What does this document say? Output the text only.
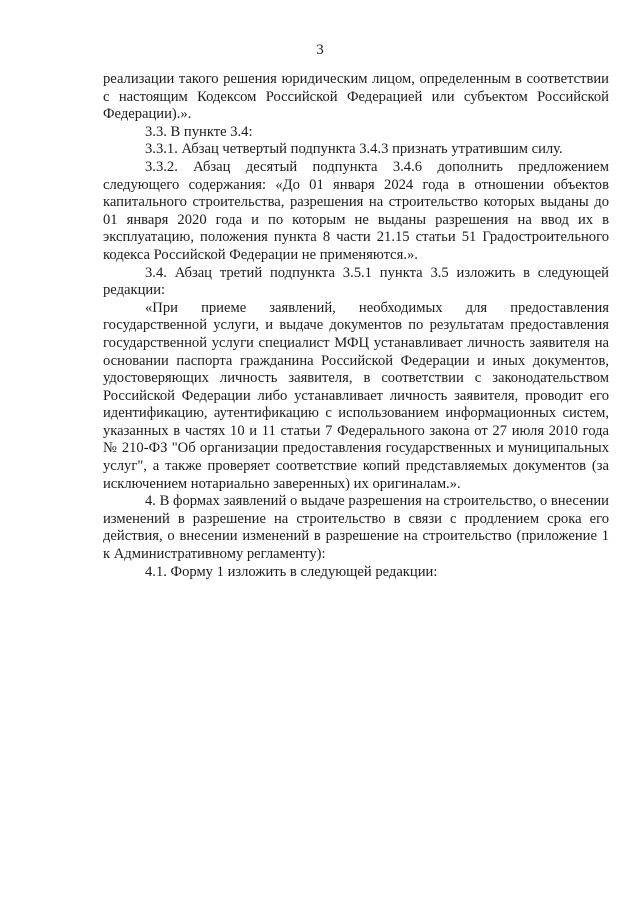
3

реализации такого решения юридическим лицом, определенным в соответствии с настоящим Кодексом Российской Федерацией или субъектом Российской Федерации).».

3.3. В пункте 3.4:

3.3.1. Абзац четвертый подпункта 3.4.3 признать утратившим силу.

3.3.2. Абзац десятый подпункта 3.4.6 дополнить предложением следующего содержания: «До 01 января 2024 года в отношении объектов капитального строительства, разрешения на строительство которых выданы до 01 января 2020 года и по которым не выданы разрешения на ввод их в эксплуатацию, положения пункта 8 части 21.15 статьи 51 Градостроительного кодекса Российской Федерации не применяются.».

3.4. Абзац третий подпункта 3.5.1 пункта 3.5 изложить в следующей редакции:

«При приеме заявлений, необходимых для предоставления государственной услуги, и выдаче документов по результатам предоставления государственной услуги специалист МФЦ устанавливает личность заявителя на основании паспорта гражданина Российской Федерации и иных документов, удостоверяющих личность заявителя, в соответствии с законодательством Российской Федерации либо устанавливает личность заявителя, проводит его идентификацию, аутентификацию с использованием информационных систем, указанных в частях 10 и 11 статьи 7 Федерального закона от 27 июля 2010 года № 210-ФЗ "Об организации предоставления государственных и муниципальных услуг", а также проверяет соответствие копий представляемых документов (за исключением нотариально заверенных) их оригиналам.».

4. В формах заявлений о выдаче разрешения на строительство, о внесении изменений в разрешение на строительство в связи с продлением срока его действия, о внесении изменений в разрешение на строительство (приложение 1 к Административному регламенту):

4.1. Форму 1 изложить в следующей редакции:
